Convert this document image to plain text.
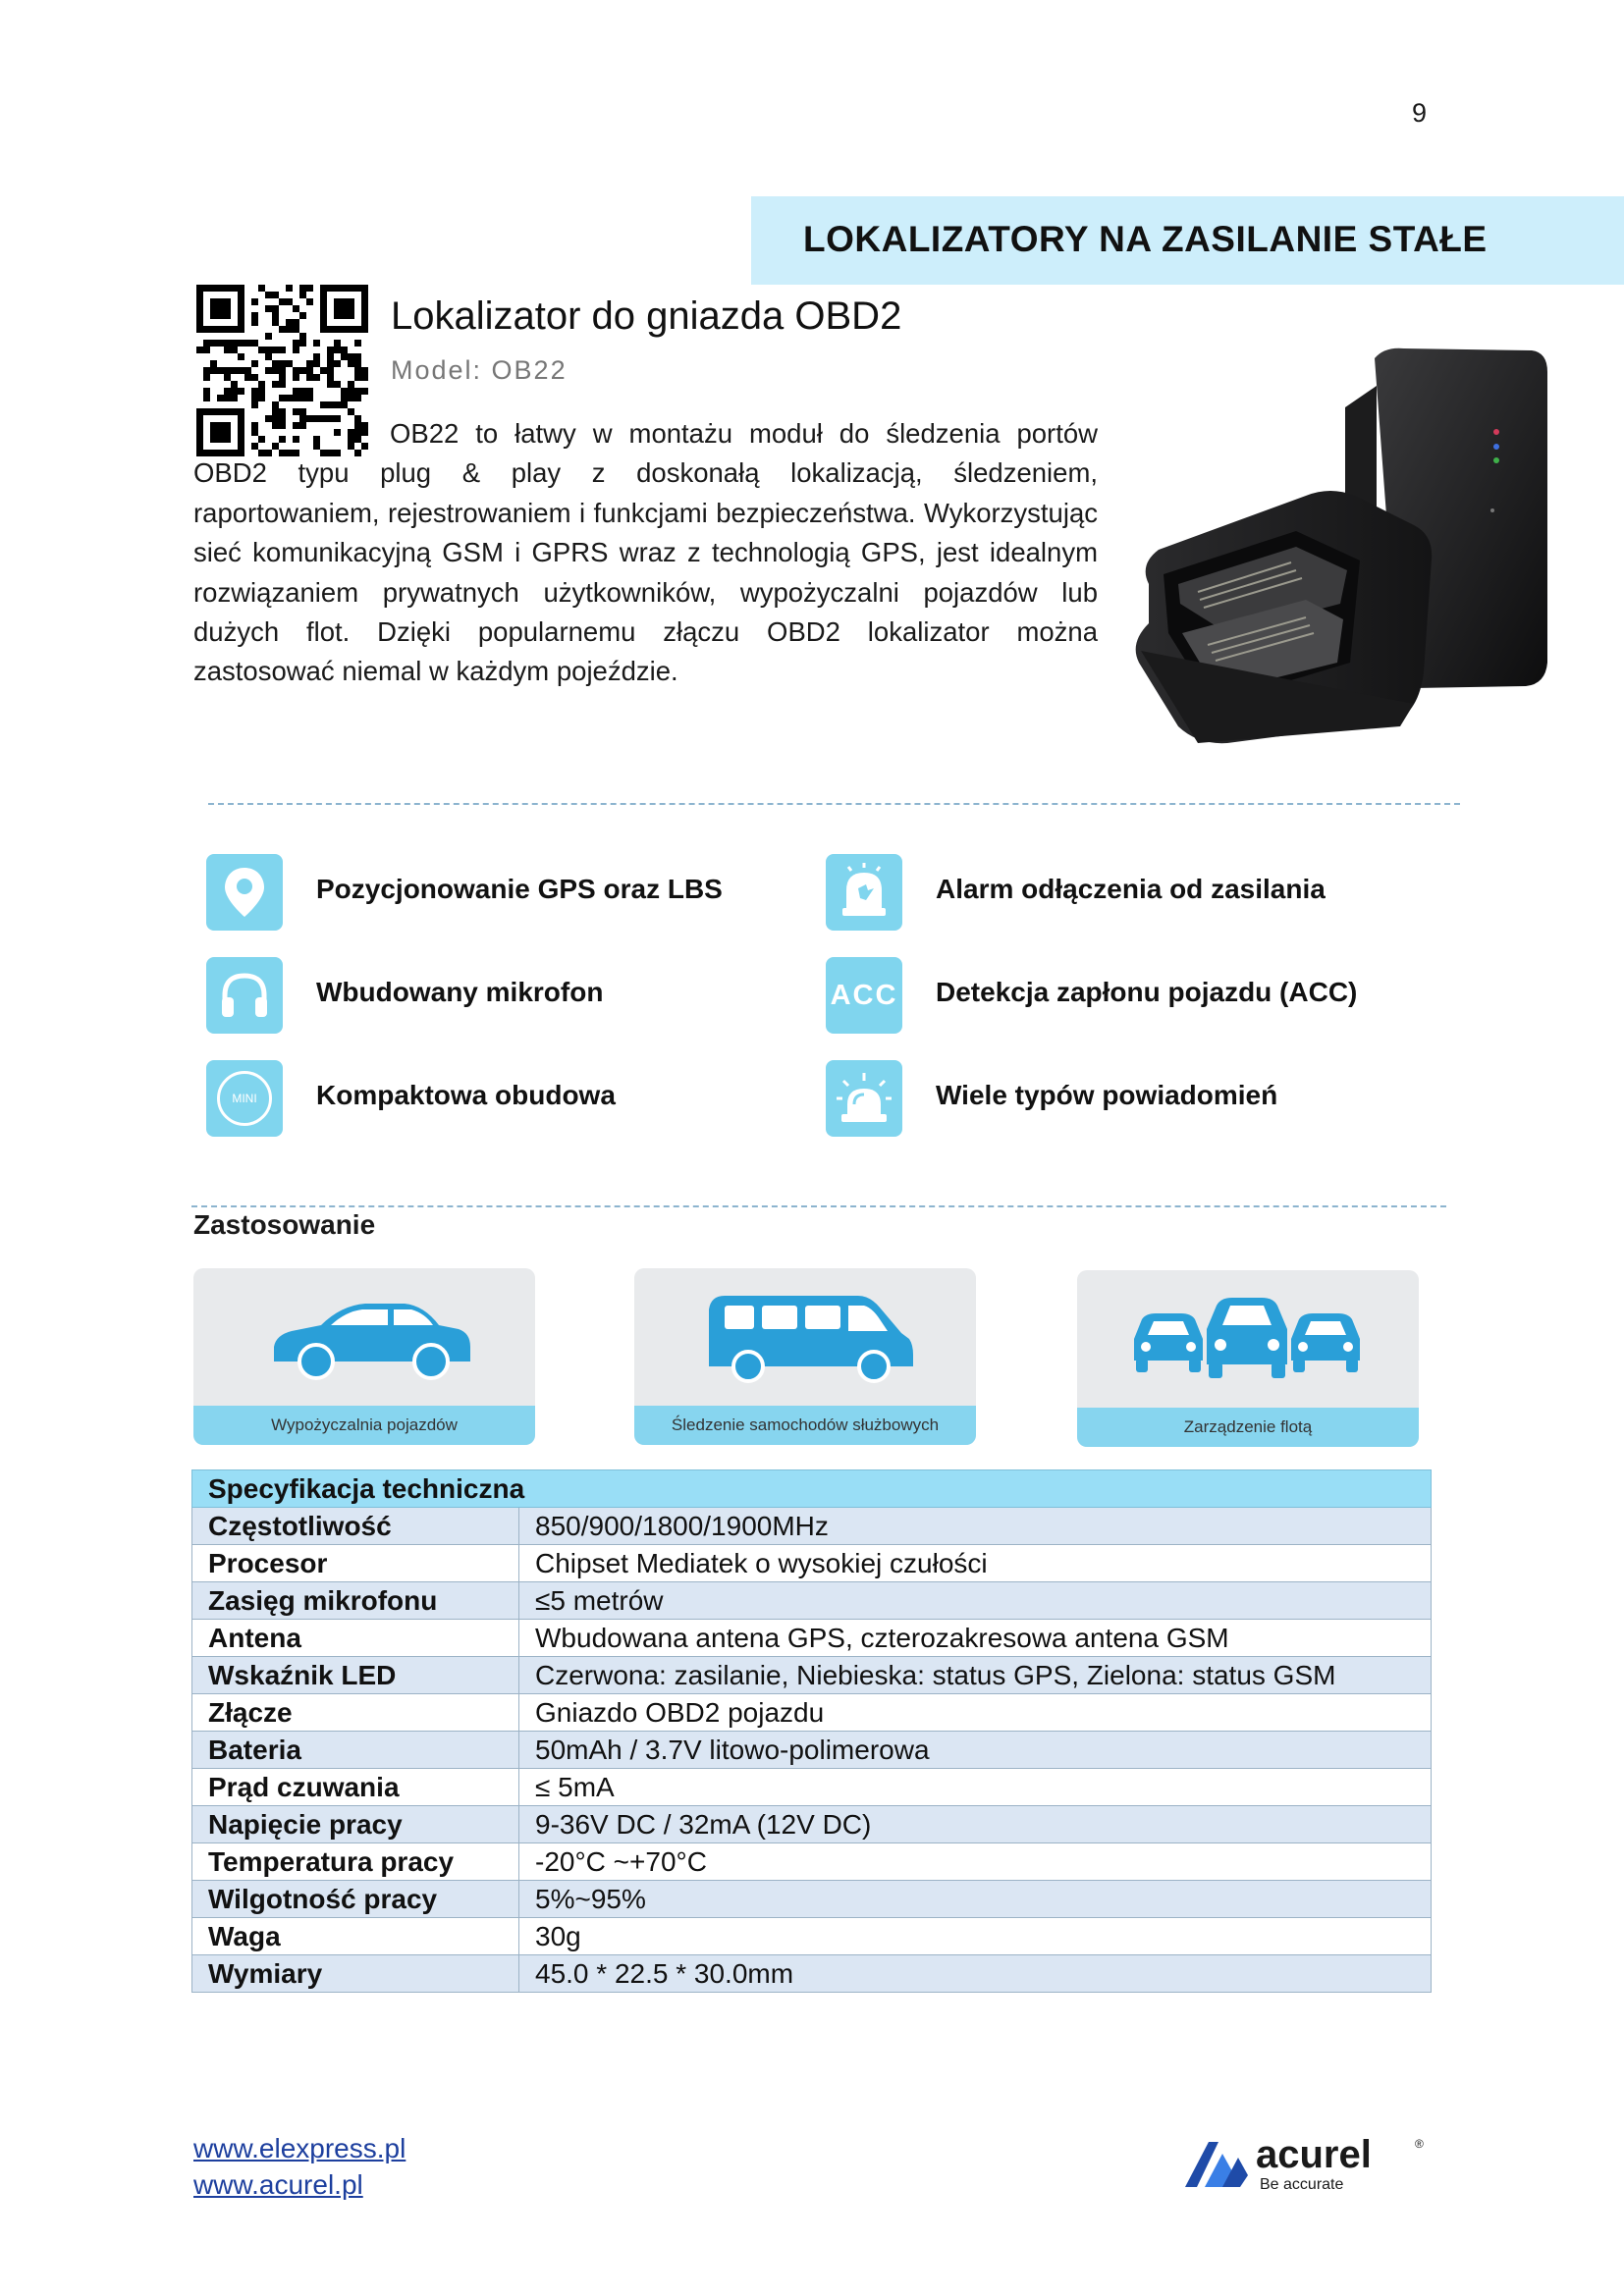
9
LOKALIZATORY NA ZASILANIE STAŁE
Lokalizator do gniazda OBD2
Model: OB22

OB22 to łatwy w montażu moduł do śledzenia portów OBD2 typu plug & play z doskonałą lokalizacją, śledzeniem, raportowaniem, rejestrowaniem i funkcjami bezpieczeństwa. Wykorzystując sieć komunikacyjną GSM i GPRS wraz z technologią GPS, jest idealnym rozwiązaniem prywatnych użytkowników, wypożyczalni pojazdów lub dużych flot. Dzięki popularnemu złączu OBD2 lokalizator można zastosować niemal w każdym pojeździe.

Pozycjonowanie GPS oraz LBS	Alarm odłączenia od zasilania
Wbudowany mikrofon	ACC Detekcja zapłonu pojazdu (ACC)
MINI	Kompaktowa obudowa	Wiele typów powiadomień
Zastosowanie
Wypożyczalnia pojazdów	Śledzenie samochodów służbowych	Zarządzenie flotą
Specyfikacja techniczna	
Częstotliwość	850/900/1800/1900MHz
Procesor	Chipset Mediatek o wysokiej czułości
Zasięg mikrofonu	≤5 metrów
Antena	Wbudowana antena GPS, czterozakresowa antena GSM
Wskaźnik LED	Czerwona: zasilanie, Niebieska: status GPS, Zielona: status GSM
Złącze	Gniazdo OBD2 pojazdu
Bateria	50mAh / 3.7V litowo-polimerowa
Prąd czuwania	≤ 5mA
Napięcie pracy	9-36V DC / 32mA (12V DC)
Temperatura pracy	-20°C ~+70°C
Wilgotność pracy	5%~95%
Waga	30g
Wymiary	45.0 * 22.5 * 30.0mm
www.elexpress.pl
www.acurel.pl
acurel	®
Be accurate
